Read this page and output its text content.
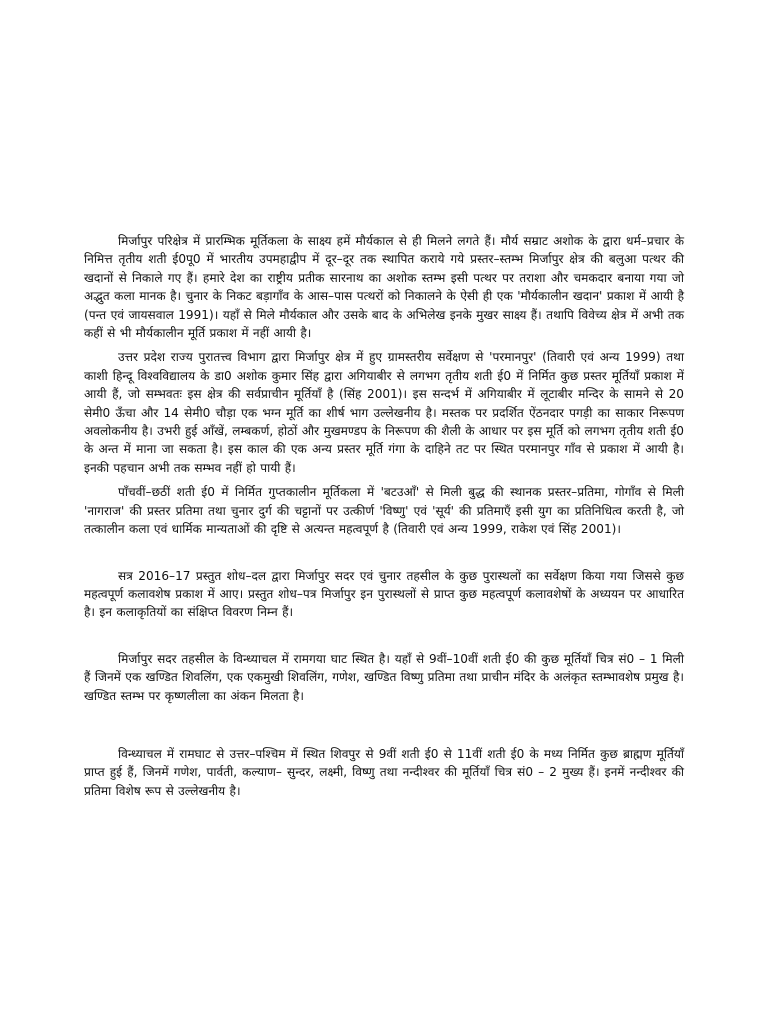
मिर्जापुर परिक्षेत्र में प्रारम्भिक मूर्तिकला के साक्ष्य हमें मौर्यकाल से ही मिलने लगते हैं। मौर्य सम्राट अशोक के द्वारा धर्म–प्रचार के निमित्त तृतीय शती ई0पू0 में भारतीय उपमहाद्वीप में दूर–दूर तक स्थापित कराये गये प्रस्तर–स्तम्भ मिर्जापुर क्षेत्र की बलुआ पत्थर की खदानों से निकाले गए हैं। हमारे देश का राष्ट्रीय प्रतीक सारनाथ का अशोक स्तम्भ इसी पत्थर पर तराशा और चमकदार बनाया गया जो अद्भुत कला मानक है। चुनार के निकट बड़ागाँव के आस–पास पत्थरों को निकालने के ऐसी ही एक 'मौर्यकालीन खदान' प्रकाश में आयी है (पन्त एवं जायसवाल 1991)। यहाँ से मिले मौर्यकाल और उसके बाद के अभिलेख इनके मुखर साक्ष्य हैं। तथापि विवेच्य क्षेत्र में अभी तक कहीं से भी मौर्यकालीन मूर्ति प्रकाश में नहीं आयी है।

उत्तर प्रदेश राज्य पुरातत्त्व विभाग द्वारा मिर्जापुर क्षेत्र में हुए ग्रामस्तरीय सर्वेक्षण से 'परमानपुर' (तिवारी एवं अन्य 1999) तथा काशी हिन्दू विश्वविद्यालय के डा0 अशोक कुमार सिंह द्वारा अगियाबीर से लगभग तृतीय शती ई0 में निर्मित कुछ प्रस्तर मूर्तियाँ प्रकाश में आयी हैं, जो सम्भवतः इस क्षेत्र की सर्वप्राचीन मूर्तियाँ है (सिंह 2001)। इस सन्दर्भ में अगियाबीर में लूटाबीर मन्दिर के सामने से 20 सेमी0 ऊँचा और 14 सेमी0 चौड़ा एक भग्न मूर्ति का शीर्ष भाग उल्लेखनीय है। मस्तक पर प्रदर्शित ऐंठनदार पगड़ी का साकार निरूपण अवलोकनीय है। उभरी हुई आँखें, लम्बकर्ण, होठों और मुखमण्डप के निरूपण की शैली के आधार पर इस मूर्ति को लगभग तृतीय शती ई0 के अन्त में माना जा सकता है। इस काल की एक अन्य प्रस्तर मूर्ति गंगा के दाहिने तट पर स्थित परमानपुर गाँव से प्रकाश में आयी है। इनकी पहचान अभी तक सम्भव नहीं हो पायी हैं।

पाँचवीं–छठीं शती ई0 में निर्मित गुप्तकालीन मूर्तिकला में 'बटउआँ' से मिली बुद्ध की स्थानक प्रस्तर–प्रतिमा, गोगाँव से मिली 'नागराज' की प्रस्तर प्रतिमा तथा चुनार दुर्ग की चट्टानों पर उत्कीर्ण 'विष्णु' एवं 'सूर्य' की प्रतिमाएँ इसी युग का प्रतिनिधित्व करती है, जो तत्कालीन कला एवं धार्मिक मान्यताओं की दृष्टि से अत्यन्त महत्वपूर्ण है (तिवारी एवं अन्य 1999, राकेश एवं सिंह 2001)।

सत्र 2016–17 प्रस्तुत शोध–दल द्वारा मिर्जापुर सदर एवं चुनार तहसील के कुछ पुरास्थलों का सर्वेक्षण किया गया जिससे कुछ महत्वपूर्ण कलावशेष प्रकाश में आए। प्रस्तुत शोध–पत्र मिर्जापुर इन पुरास्थलों से प्राप्त कुछ महत्वपूर्ण कलावशेषों के अध्ययन पर आधारित है। इन कलाकृतियों का संक्षिप्त विवरण निम्न हैं।

मिर्जापुर सदर तहसील के विन्ध्याचल में रामगया घाट स्थित है। यहाँ से 9वीं–10वीं शती ई0 की कुछ मूर्तियाँ चित्र सं0 – 1 मिली हैं जिनमें एक खण्डित शिवलिंग, एक एकमुखी शिवलिंग, गणेश, खण्डित विष्णु प्रतिमा तथा प्राचीन मंदिर के अलंकृत स्तम्भावशेष प्रमुख है। खण्डित स्तम्भ पर कृष्णलीला का अंकन मिलता है।

विन्ध्याचल में रामघाट से उत्तर–पश्चिम में स्थित शिवपुर से 9वीं शती ई0 से 11वीं शती ई0 के मध्य निर्मित कुछ ब्राह्मण मूर्तियाँ प्राप्त हुई हैं, जिनमें गणेश, पार्वती, कल्याण– सुन्दर, लक्ष्मी, विष्णु तथा नन्दीश्वर की मूर्तियाँ चित्र सं0 – 2 मुख्य हैं। इनमें नन्दीश्वर की प्रतिमा विशेष रूप से उल्लेखनीय है।
